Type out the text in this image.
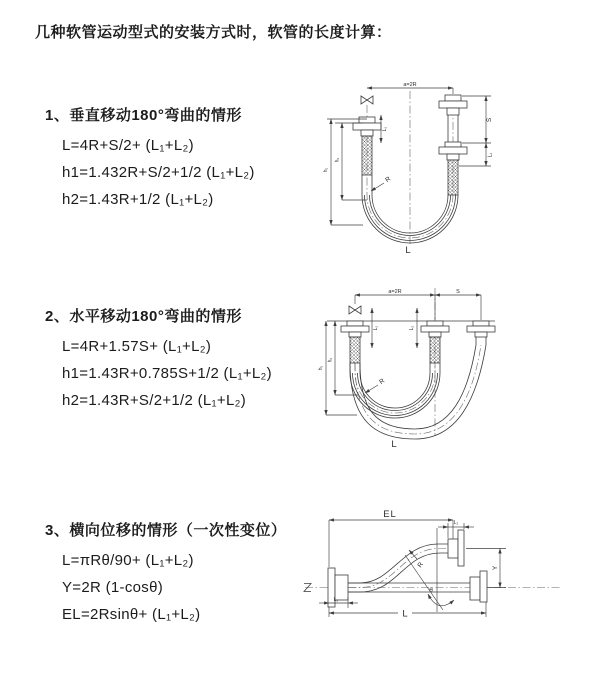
几种软管运动型式的安装方式时，软管的长度计算：
1、垂直移动180°弯曲的情形
L=4R+S/2+ (L₁+L₂)
h1=1.432R+S/2+1/2 (L₁+L₂)
h2=1.43R+1/2 (L₁+L₂)
2、水平移动180°弯曲的情形
L=4R+1.57S+ (L₁+L₂)
h1=1.43R+0.785S+1/2 (L₁+L₂)
h2=1.43R+S/2+1/2 (L₁+L₂)
3、横向位移的情形（一次性变位）
L=πRθ/90+ (L₁+L₂)
Y=2R (1-cosθ)
EL=2Rsinθ+ (L₁+L₂)
a=2R
L₁
S
L₂
h₁
h₂
R
L
a=2R	S
L₁	L₂
h₁
h₂
R
L
θ
EL
L₂
Y
L₁
L
R
